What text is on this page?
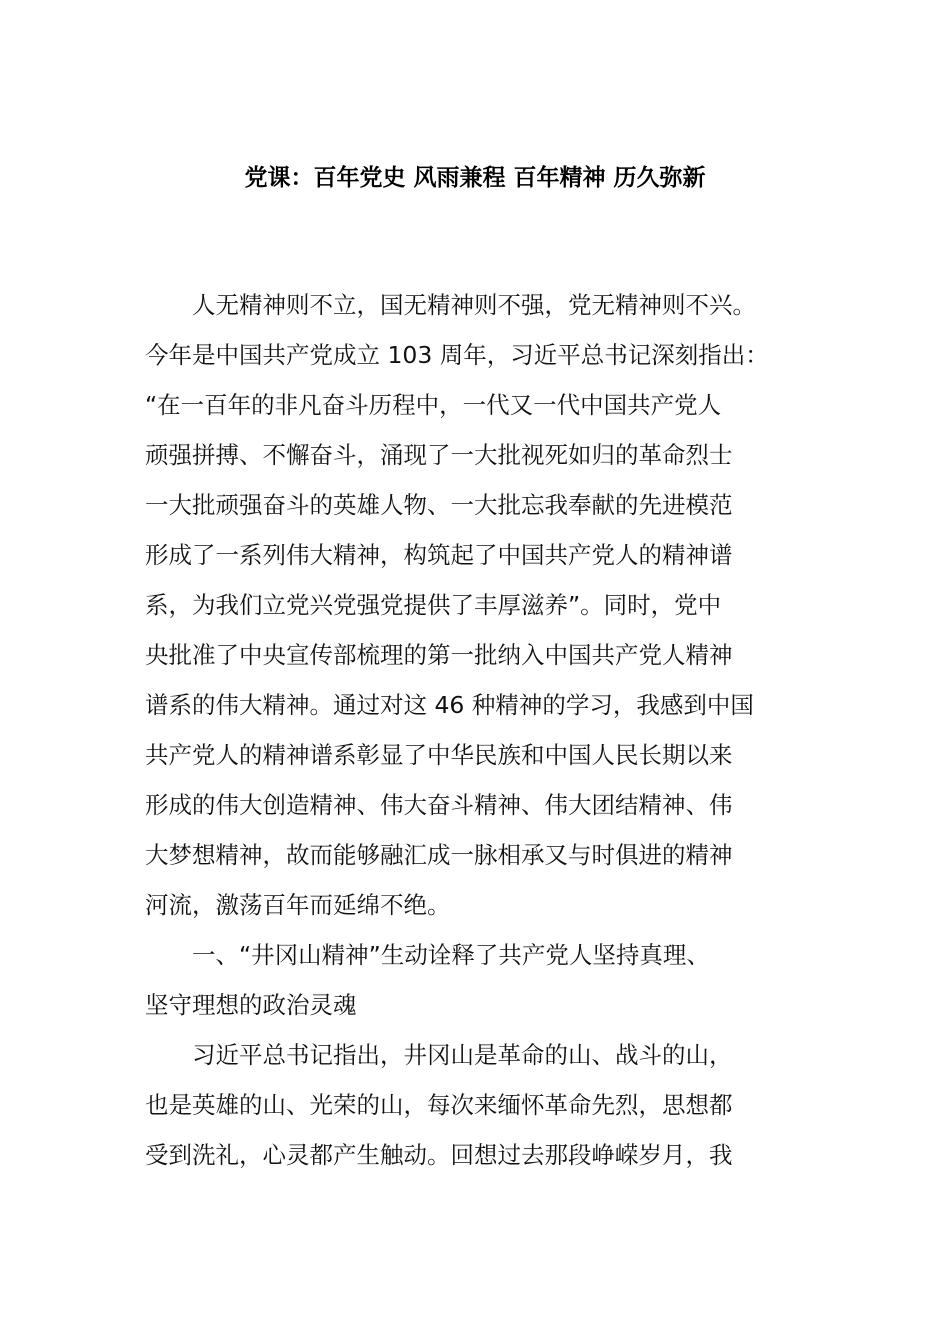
党课：百年党史 风雨兼程 百年精神 历久弥新
　　人无精神则不立，国无精神则不强，党无精神则不兴。
今年是中国共产党成立 103 周年，习近平总书记深刻指出：
“在一百年的非凡奋斗历程中，一代又一代中国共产党人
顽强拼搏、不懈奋斗，涌现了一大批视死如归的革命烈士
一大批顽强奋斗的英雄人物、一大批忘我奉献的先进模范
形成了一系列伟大精神，构筑起了中国共产党人的精神谱
系，为我们立党兴党强党提供了丰厚滋养”。同时，党中
央批准了中央宣传部梳理的第一批纳入中国共产党人精神
谱系的伟大精神。通过对这 46 种精神的学习，我感到中国
共产党人的精神谱系彰显了中华民族和中国人民长期以来
形成的伟大创造精神、伟大奋斗精神、伟大团结精神、伟
大梦想精神，故而能够融汇成一脉相承又与时俱进的精神
河流，激荡百年而延绵不绝。
　　一、“井冈山精神”生动诠释了共产党人坚持真理、
坚守理想的政治灵魂
　　习近平总书记指出，井冈山是革命的山、战斗的山，
也是英雄的山、光荣的山，每次来缅怀革命先烈，思想都
受到洗礼，心灵都产生触动。回想过去那段峥嵘岁月，我
